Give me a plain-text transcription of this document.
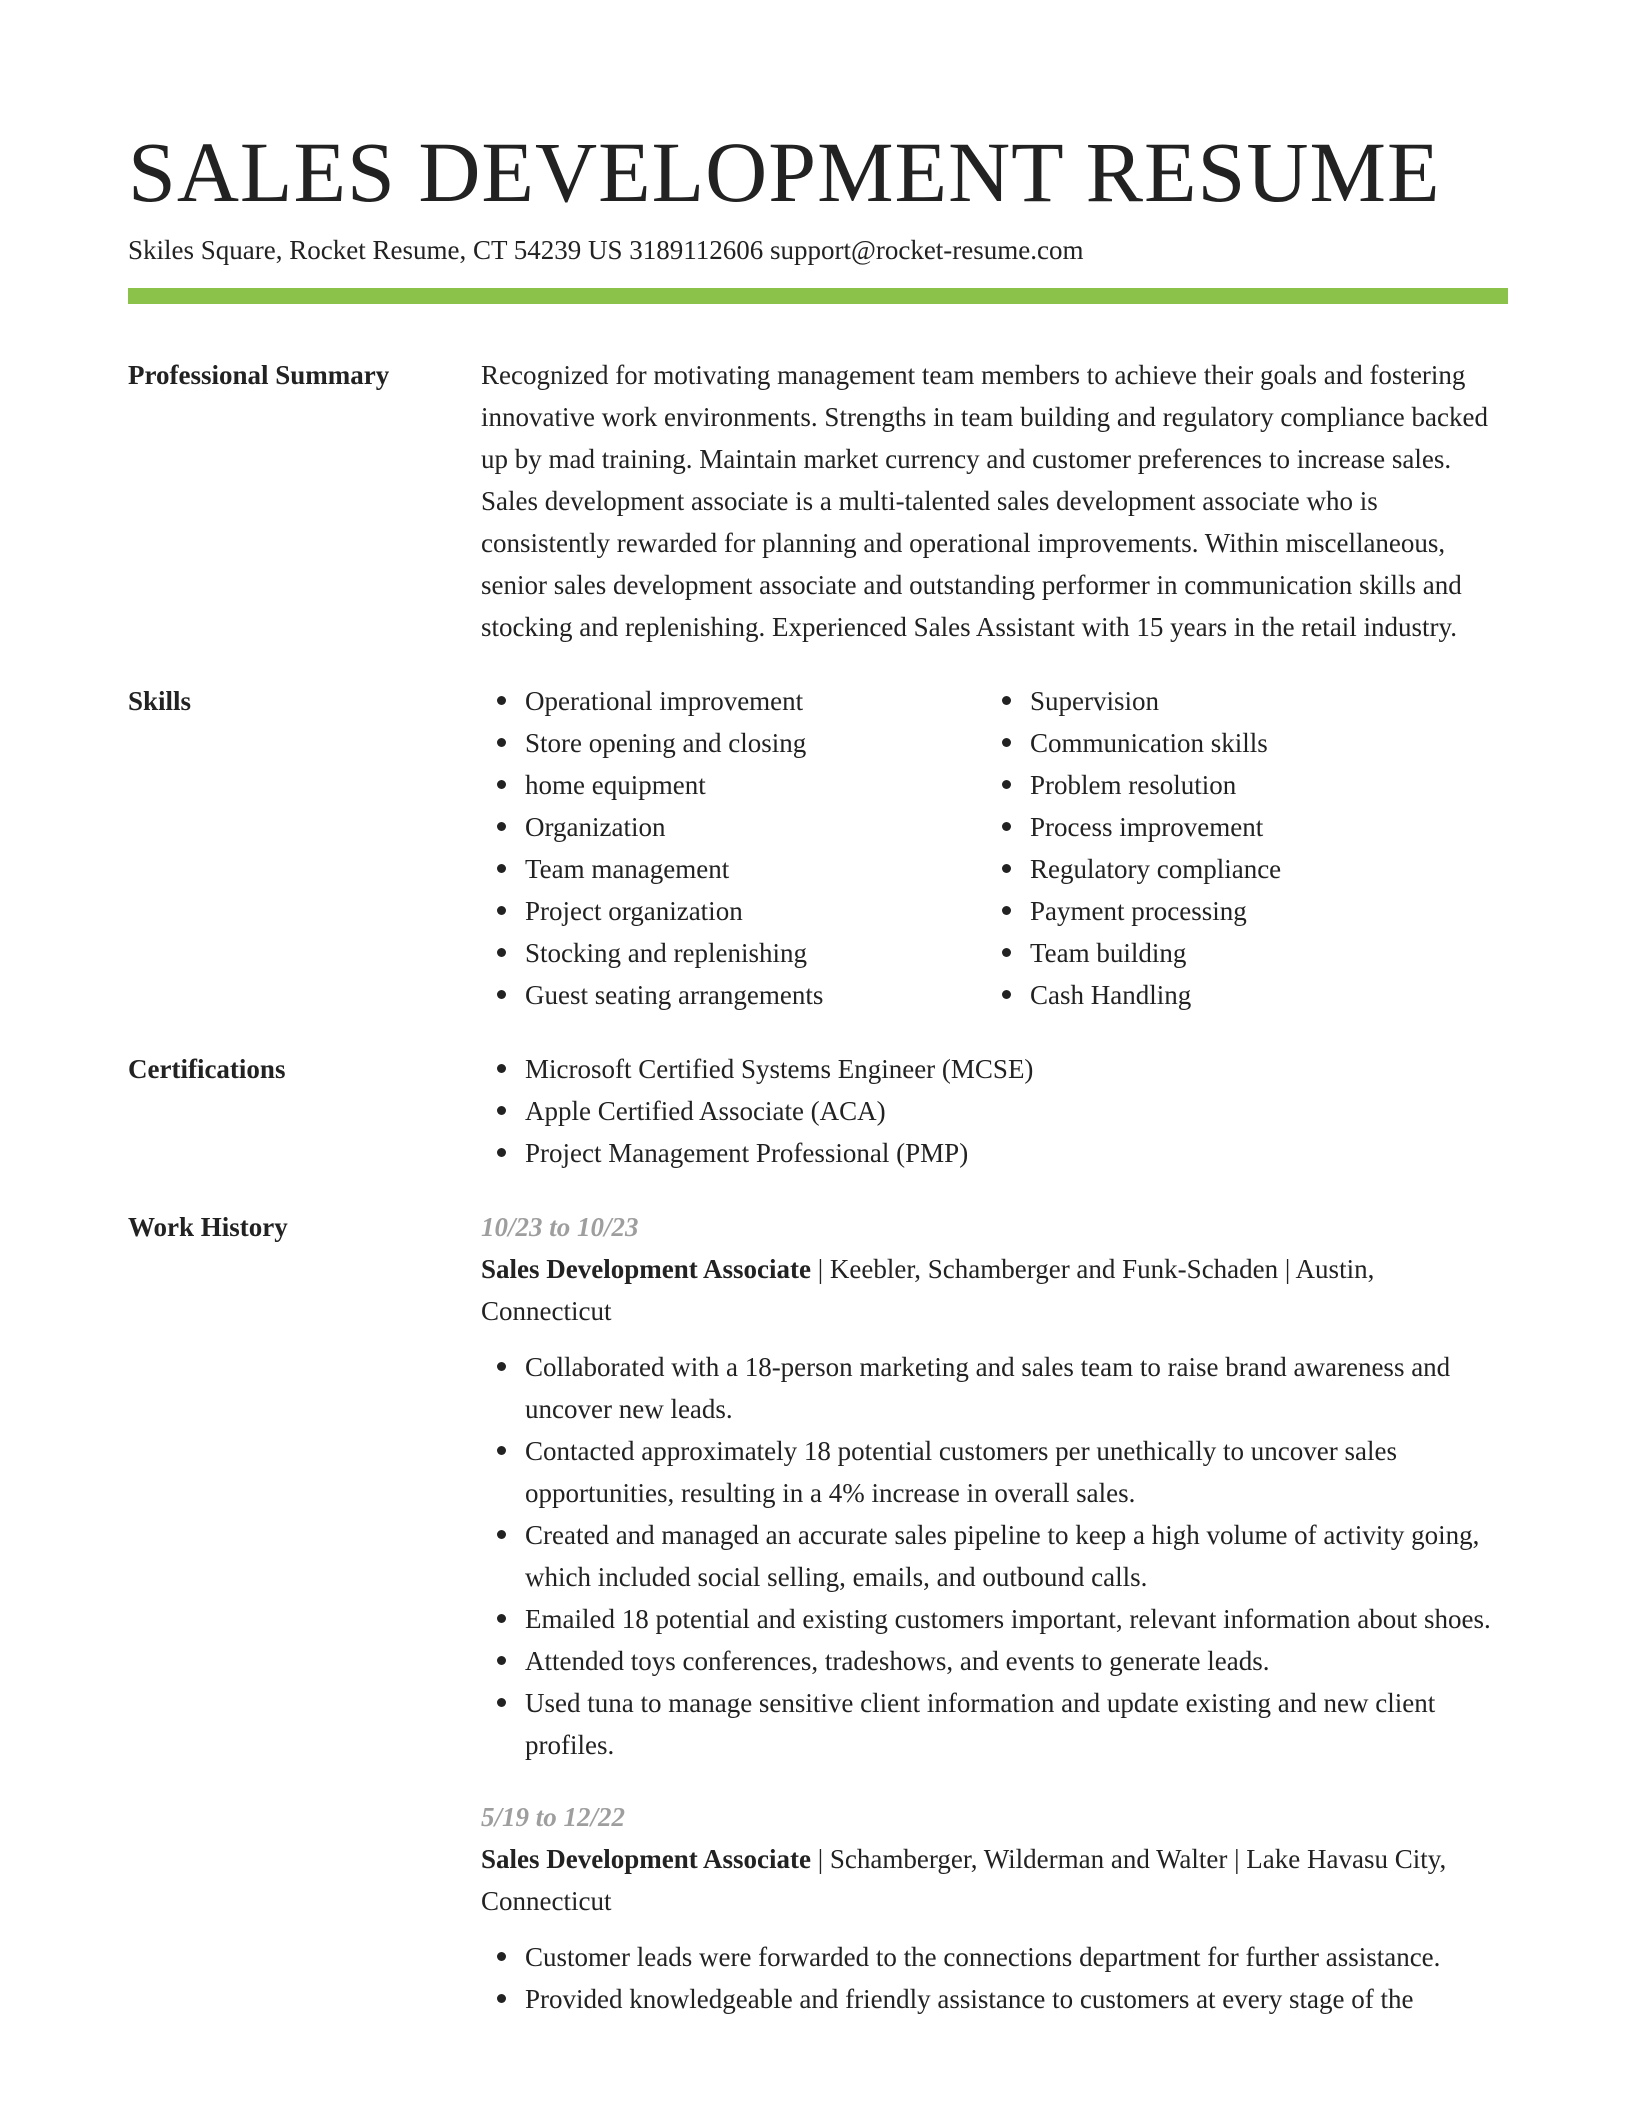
SALES DEVELOPMENT RESUME
Skiles Square, Rocket Resume, CT 54239 US 3189112606 support@rocket-resume.com
Professional Summary	Recognized for motivating management team members to achieve their goals and fostering innovative work environments. Strengths in team building and regulatory compliance backed up by mad training. Maintain market currency and customer preferences to increase sales. Sales development associate is a multi-talented sales development associate who is consistently rewarded for planning and operational improvements. Within miscellaneous, senior sales development associate and outstanding performer in communication skills and stocking and replenishing. Experienced Sales Assistant with 15 years in the retail industry.
Skills	Operational improvement
Store opening and closing
home equipment
Organization
Team management
Project organization
Stocking and replenishing
Guest seating arrangements
Supervision
Communication skills
Problem resolution
Process improvement
Regulatory compliance
Payment processing
Team building
Cash Handling
Certifications	Microsoft Certified Systems Engineer (MCSE)
Apple Certified Associate (ACA)
Project Management Professional (PMP)
Work History	10/23 to 10/23
Sales Development Associate | Keebler, Schamberger and Funk-Schaden | Austin, Connecticut
Collaborated with a 18-person marketing and sales team to raise brand awareness and uncover new leads.
Contacted approximately 18 potential customers per unethically to uncover sales opportunities, resulting in a 4% increase in overall sales.
Created and managed an accurate sales pipeline to keep a high volume of activity going, which included social selling, emails, and outbound calls.
Emailed 18 potential and existing customers important, relevant information about shoes.
Attended toys conferences, tradeshows, and events to generate leads.
Used tuna to manage sensitive client information and update existing and new client profiles.
5/19 to 12/22
Sales Development Associate | Schamberger, Wilderman and Walter | Lake Havasu City, Connecticut
Customer leads were forwarded to the connections department for further assistance.
Provided knowledgeable and friendly assistance to customers at every stage of the
